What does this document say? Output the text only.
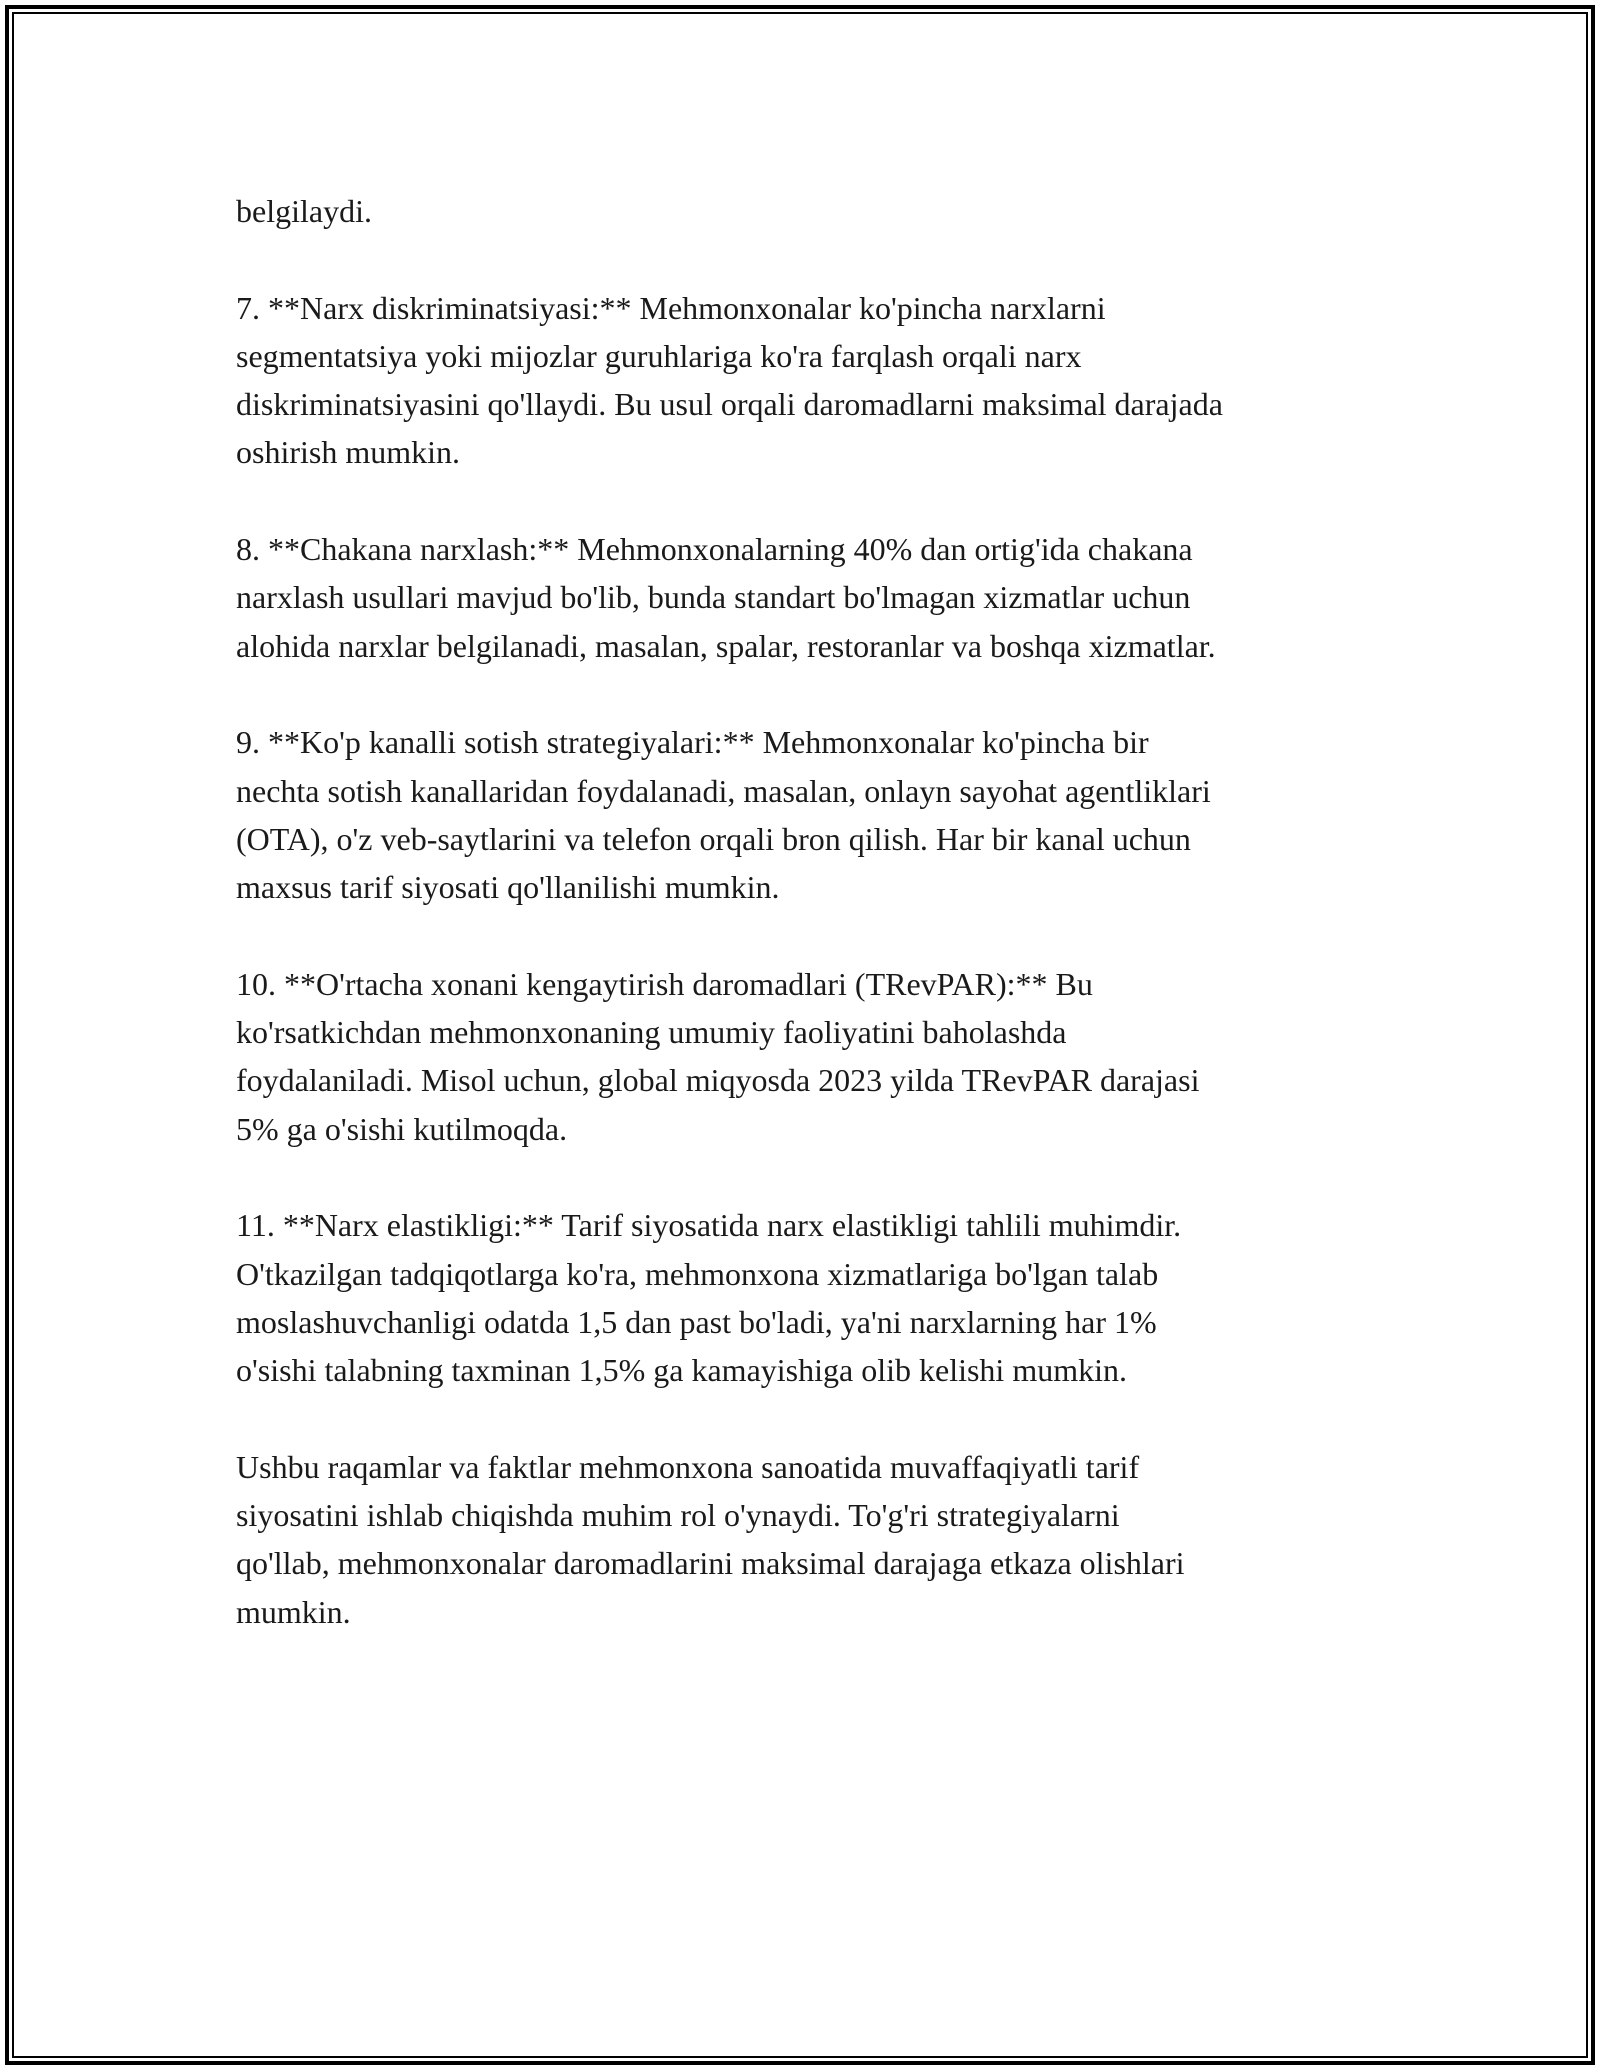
belgilaydi.

7. **Narx diskriminatsiyasi:** Mehmonxonalar ko'pincha narxlarni
segmentatsiya yoki mijozlar guruhlariga ko'ra farqlash orqali narx
diskriminatsiyasini qo'llaydi. Bu usul orqali daromadlarni maksimal darajada
oshirish mumkin.

8. **Chakana narxlash:** Mehmonxonalarning 40% dan ortig'ida chakana
narxlash usullari mavjud bo'lib, bunda standart bo'lmagan xizmatlar uchun
alohida narxlar belgilanadi, masalan, spalar, restoranlar va boshqa xizmatlar.

9. **Ko'p kanalli sotish strategiyalari:** Mehmonxonalar ko'pincha bir
nechta sotish kanallaridan foydalanadi, masalan, onlayn sayohat agentliklari
(OTA), o'z veb-saytlarini va telefon orqali bron qilish. Har bir kanal uchun
maxsus tarif siyosati qo'llanilishi mumkin.

10. **O'rtacha xonani kengaytirish daromadlari (TRevPAR):** Bu
ko'rsatkichdan mehmonxonaning umumiy faoliyatini baholashda
foydalaniladi. Misol uchun, global miqyosda 2023 yilda TRevPAR darajasi
5% ga o'sishi kutilmoqda.

11. **Narx elastikligi:** Tarif siyosatida narx elastikligi tahlili muhimdir.
O'tkazilgan tadqiqotlarga ko'ra, mehmonxona xizmatlariga bo'lgan talab
moslashuvchanligi odatda 1,5 dan past bo'ladi, ya'ni narxlarning har 1%
o'sishi talabning taxminan 1,5% ga kamayishiga olib kelishi mumkin.

Ushbu raqamlar va faktlar mehmonxona sanoatida muvaffaqiyatli tarif
siyosatini ishlab chiqishda muhim rol o'ynaydi. To'g'ri strategiyalarni
qo'llab, mehmonxonalar daromadlarini maksimal darajaga etkaza olishlari
mumkin.
